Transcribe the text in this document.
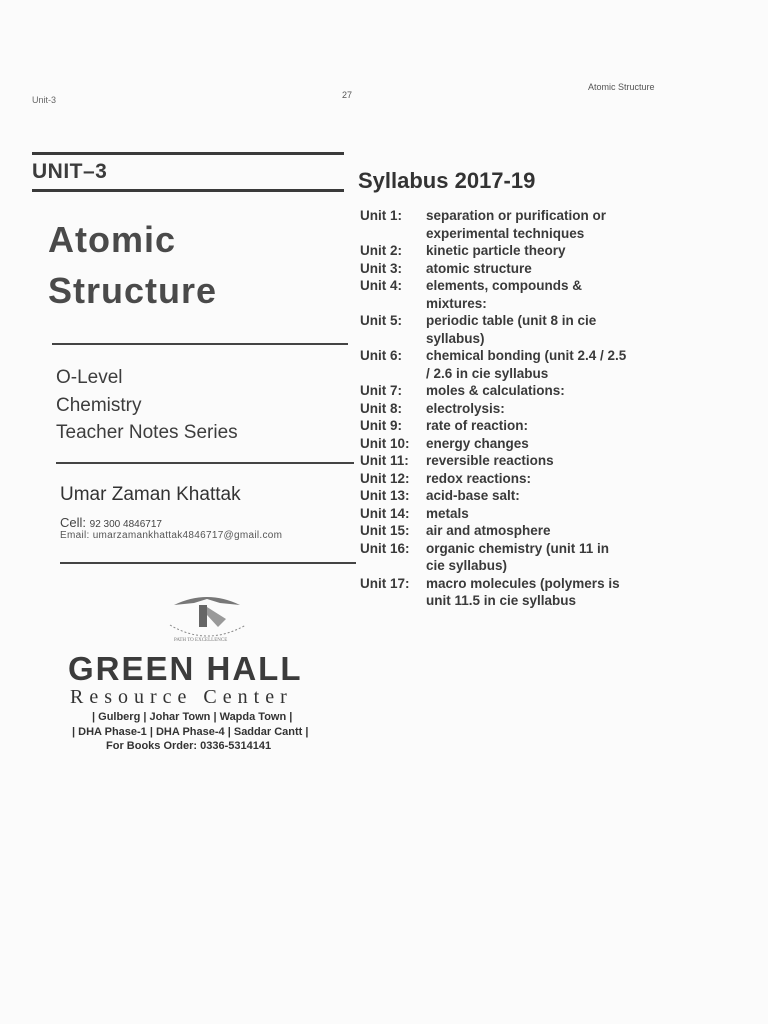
Unit-3	27
Atomic Structure
UNIT–3
Atomic
Structure
O-Level
Chemistry
Teacher Notes Series
Umar Zaman Khattak
Cell: 92 300 4846717
Email: umarzamankhattak4846717@gmail.com
PATH TO EXCELLENCE
GREEN HALL
Resource Center
| Gulberg | Johar Town | Wapda Town |
| DHA Phase-1 | DHA Phase-4 | Saddar Cantt |
For Books Order: 0336-5314141
Syllabus 2017-19
Unit 1:	separation or purification or
experimental techniques
Unit 2:	kinetic particle theory
Unit 3:	atomic structure
Unit 4:	elements, compounds &
mixtures:
Unit 5:	periodic table (unit 8 in cie
syllabus)
Unit 6:	chemical bonding (unit 2.4 / 2.5
/ 2.6 in cie syllabus
Unit 7:	moles & calculations:
Unit 8:	electrolysis:
Unit 9:	rate of reaction:
Unit 10:	energy changes
Unit 11:	reversible reactions
Unit 12:	redox reactions:
Unit 13:	acid-base salt:
Unit 14:	metals
Unit 15:	air and atmosphere
Unit 16:	organic chemistry (unit 11 in
cie syllabus)
Unit 17:	macro molecules (polymers is
unit 11.5 in cie syllabus
